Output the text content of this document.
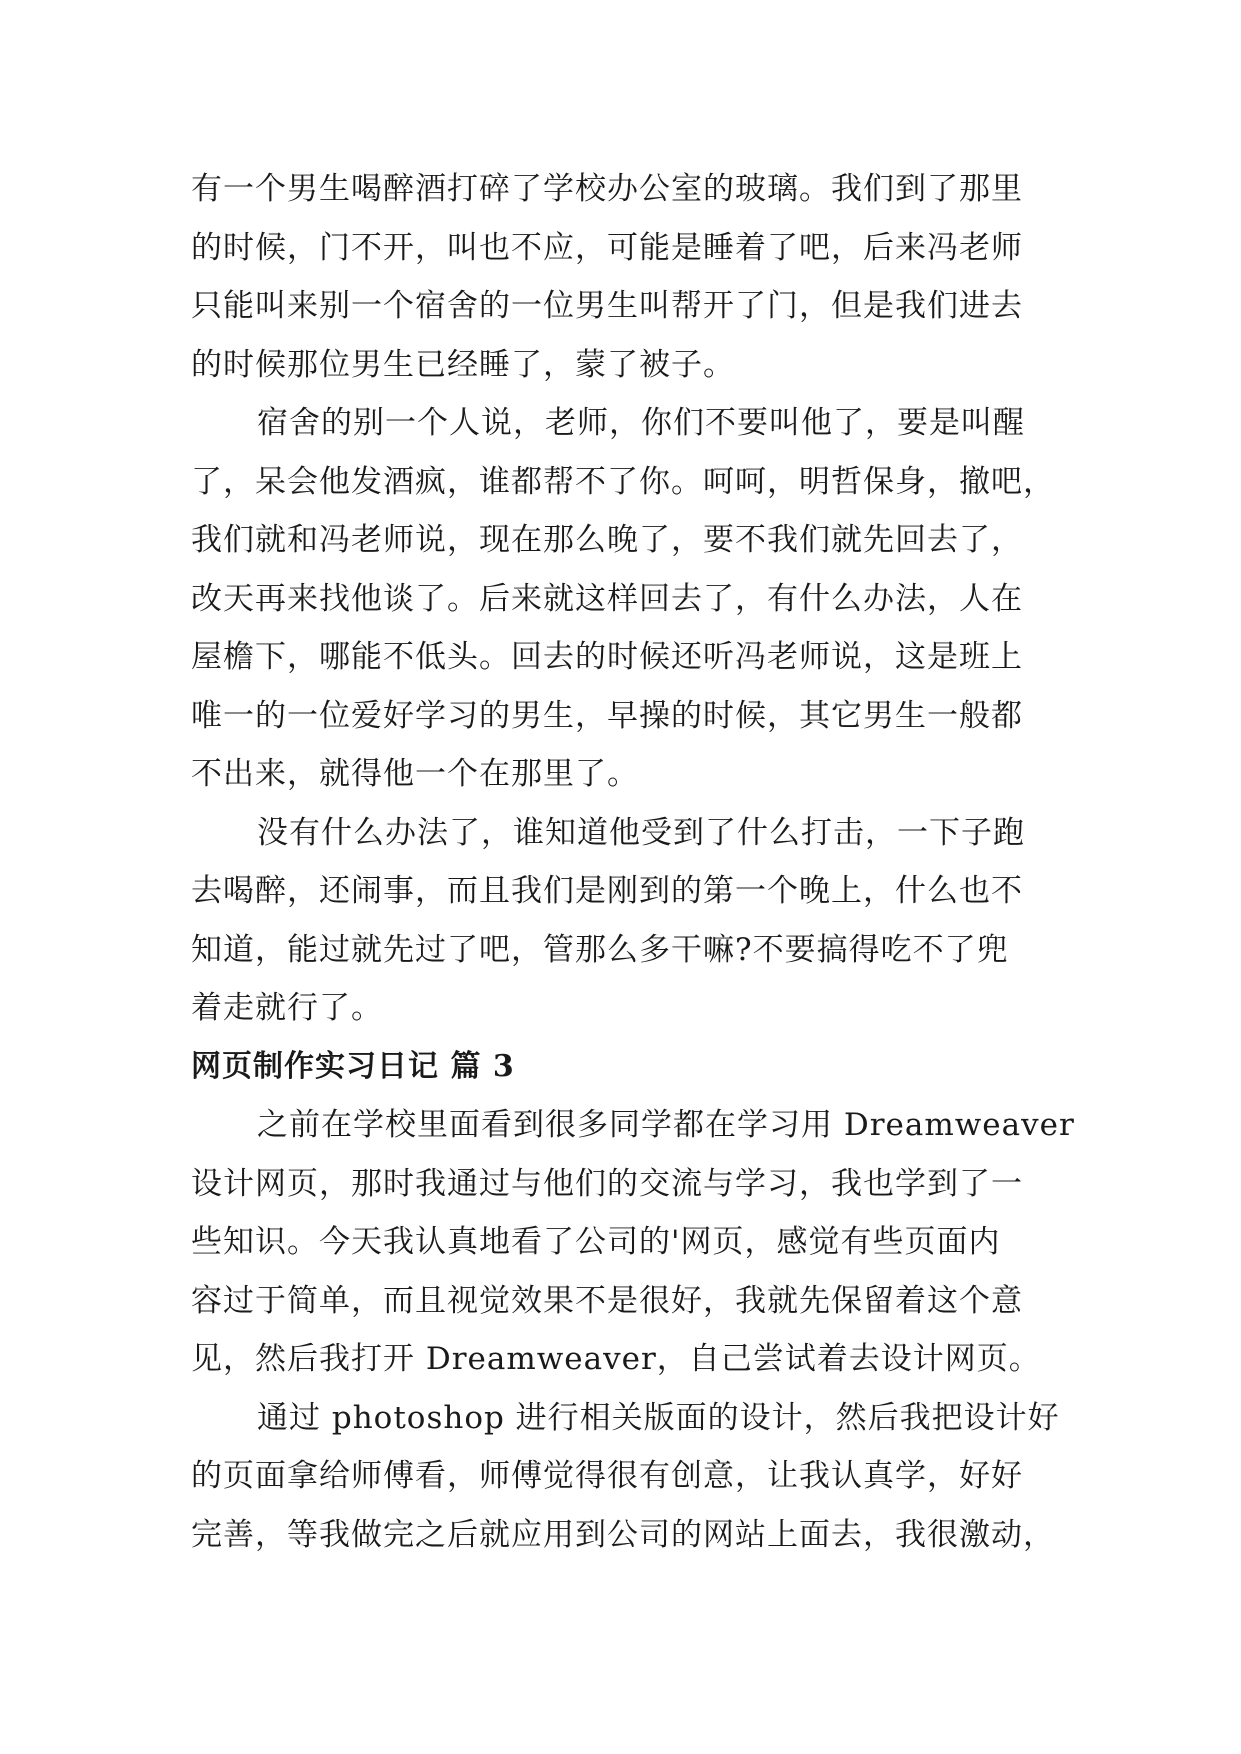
有一个男生喝醉酒打碎了学校办公室的玻璃。我们到了那里
的时候，门不开，叫也不应，可能是睡着了吧，后来冯老师
只能叫来别一个宿舍的一位男生叫帮开了门，但是我们进去
的时候那位男生已经睡了，蒙了被子。

宿舍的别一个人说，老师，你们不要叫他了，要是叫醒
了，呆会他发酒疯，谁都帮不了你。呵呵，明哲保身，撤吧，
我们就和冯老师说，现在那么晚了，要不我们就先回去了，
改天再来找他谈了。后来就这样回去了，有什么办法，人在
屋檐下，哪能不低头。回去的时候还听冯老师说，这是班上
唯一的一位爱好学习的男生，早操的时候，其它男生一般都
不出来，就得他一个在那里了。

没有什么办法了，谁知道他受到了什么打击，一下子跑
去喝醉，还闹事，而且我们是刚到的第一个晚上，什么也不
知道，能过就先过了吧，管那么多干嘛?不要搞得吃不了兜
着走就行了。

网页制作实习日记 篇 3

之前在学校里面看到很多同学都在学习用 Dreamweaver
设计网页，那时我通过与他们的交流与学习，我也学到了一
些知识。今天我认真地看了公司的'网页，感觉有些页面内
容过于简单，而且视觉效果不是很好，我就先保留着这个意
见，然后我打开 Dreamweaver，自己尝试着去设计网页。

通过 photoshop 进行相关版面的设计，然后我把设计好
的页面拿给师傅看，师傅觉得很有创意，让我认真学，好好
完善，等我做完之后就应用到公司的网站上面去，我很激动，
